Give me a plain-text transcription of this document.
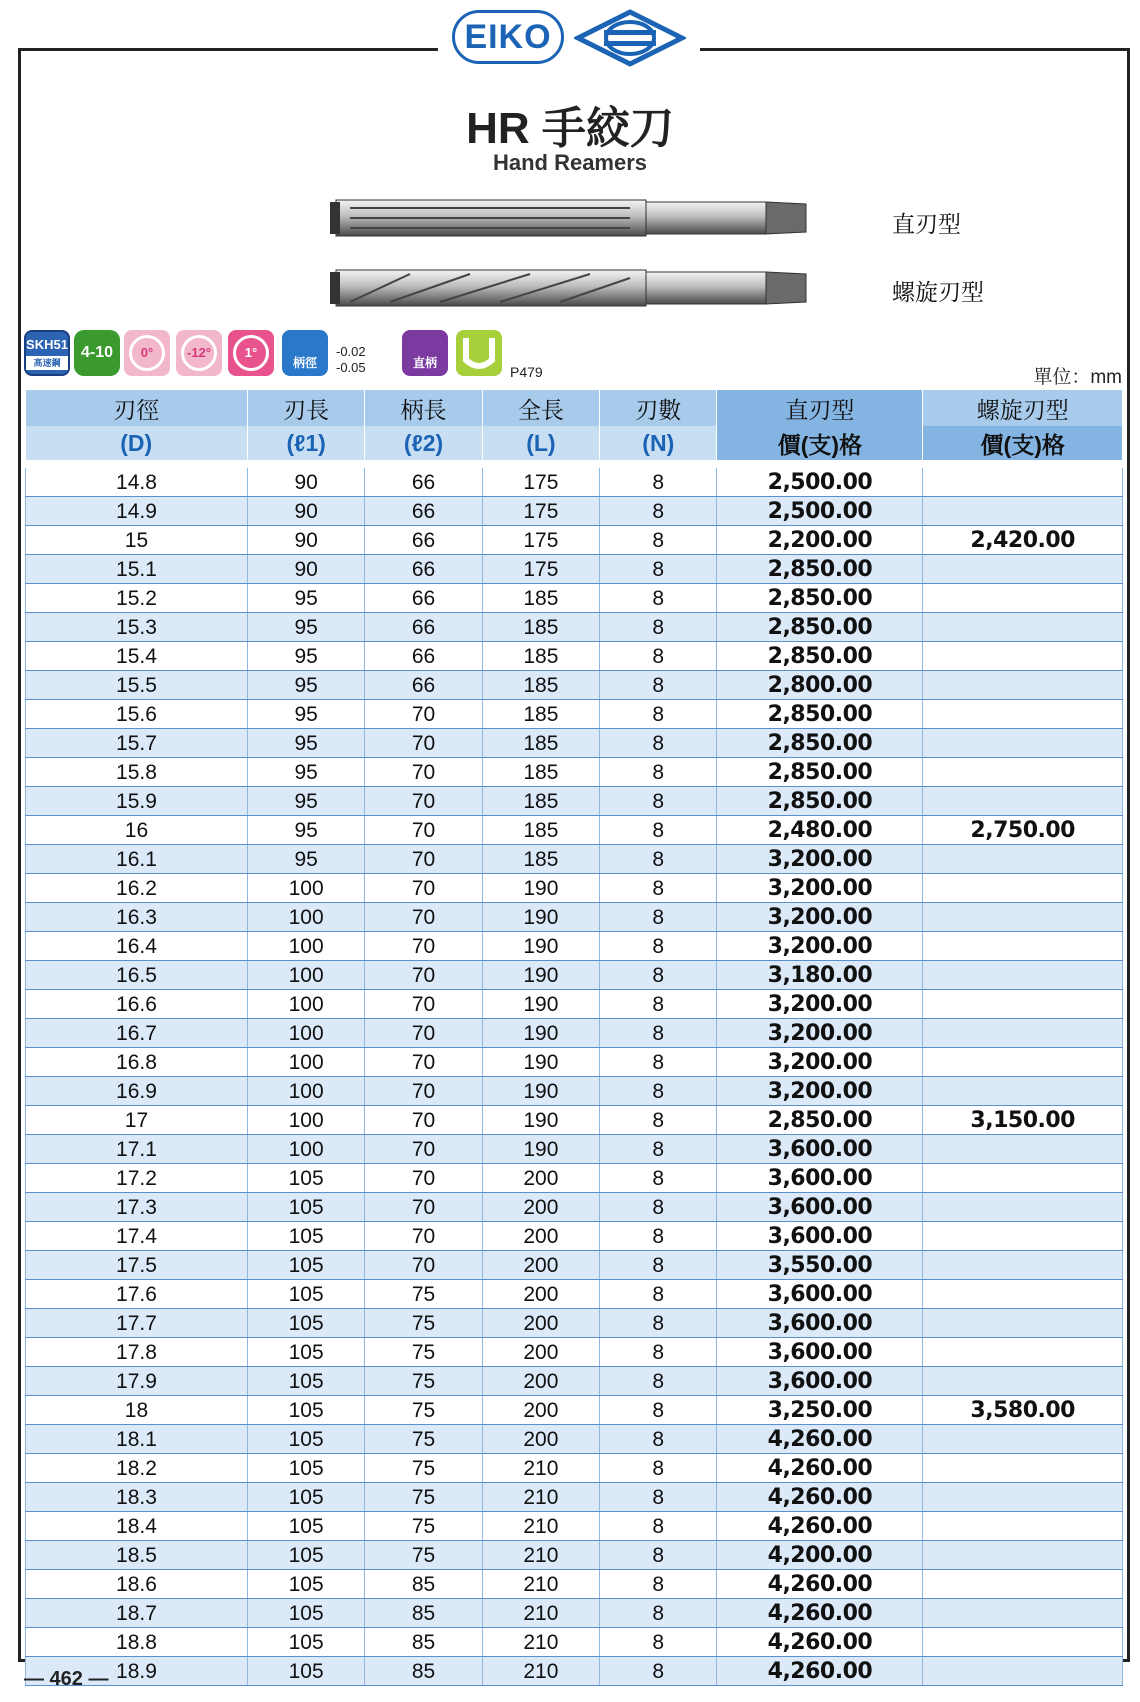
EIKO
HR 手絞刀
Hand Reamers
直刃型
螺旋刃型
SKH51
高速鋼
4-10	0°	-12°	1°
柄徑
-0.02
-0.05	直柄
P479	單位：mm
刃徑	刃長	柄長	全長	刃數	直刃型	螺旋刃型
(D)	(ℓ1)	(ℓ2)	(L)	(N)	價(支)格	價(支)格

14.8	90	66	175	8	2,500.00	
14.9	90	66	175	8	2,500.00	
15	90	66	175	8	2,200.00	2,420.00
15.1	90	66	175	8	2,850.00	
15.2	95	66	185	8	2,850.00	
15.3	95	66	185	8	2,850.00	
15.4	95	66	185	8	2,850.00	
15.5	95	66	185	8	2,800.00	
15.6	95	70	185	8	2,850.00	
15.7	95	70	185	8	2,850.00	
15.8	95	70	185	8	2,850.00	
15.9	95	70	185	8	2,850.00	
16	95	70	185	8	2,480.00	2,750.00
16.1	95	70	185	8	3,200.00	
16.2	100	70	190	8	3,200.00	
16.3	100	70	190	8	3,200.00	
16.4	100	70	190	8	3,200.00	
16.5	100	70	190	8	3,180.00	
16.6	100	70	190	8	3,200.00	
16.7	100	70	190	8	3,200.00	
16.8	100	70	190	8	3,200.00	
16.9	100	70	190	8	3,200.00	
17	100	70	190	8	2,850.00	3,150.00
17.1	100	70	190	8	3,600.00	
17.2	105	70	200	8	3,600.00	
17.3	105	70	200	8	3,600.00	
17.4	105	70	200	8	3,600.00	
17.5	105	70	200	8	3,550.00	
17.6	105	75	200	8	3,600.00	
17.7	105	75	200	8	3,600.00	
17.8	105	75	200	8	3,600.00	
17.9	105	75	200	8	3,600.00	
18	105	75	200	8	3,250.00	3,580.00
18.1	105	75	200	8	4,260.00	
18.2	105	75	210	8	4,260.00	
18.3	105	75	210	8	4,260.00	
18.4	105	75	210	8	4,260.00	
18.5	105	75	210	8	4,200.00	
18.6	105	85	210	8	4,260.00	
18.7	105	85	210	8	4,260.00	
18.8	105	85	210	8	4,260.00	
18.9	105	85	210	8	4,260.00	
— 462 —
